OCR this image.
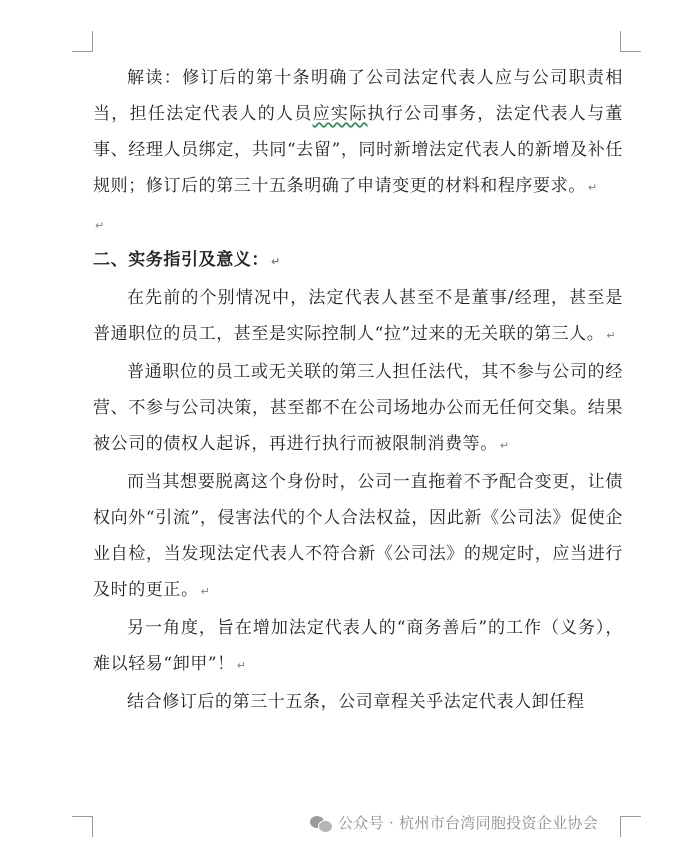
解读：修订后的第十条明确了公司法定代表人应与公司职责相当，担任法定代表人的人员应实际执行公司事务，法定代表人与董事、经理人员绑定，共同“去留”，同时新增法定代表人的新增及补任规则；修订后的第三十五条明确了申请变更的材料和程序要求。 ↵

↵

二、实务指引及意义： ↵

在先前的个别情况中，法定代表人甚至不是董事/经理，甚至是普通职位的员工，甚至是实际控制人“拉”过来的无关联的第三人。 ↵

普通职位的员工或无关联的第三人担任法代，其不参与公司的经营、不参与公司决策，甚至都不在公司场地办公而无任何交集。结果被公司的债权人起诉，再进行执行而被限制消费等。 ↵

而当其想要脱离这个身份时，公司一直拖着不予配合变更，让债权向外“引流”，侵害法代的个人合法权益，因此新《公司法》促使企业自检，当发现法定代表人不符合新《公司法》的规定时，应当进行及时的更正。 ↵

另一角度，旨在增加法定代表人的“商务善后”的工作（义务），难以轻易“卸甲”！ ↵

结合修订后的第三十五条，公司章程关乎法定代表人卸任程

公众号 · 杭州市台湾同胞投资企业协会
